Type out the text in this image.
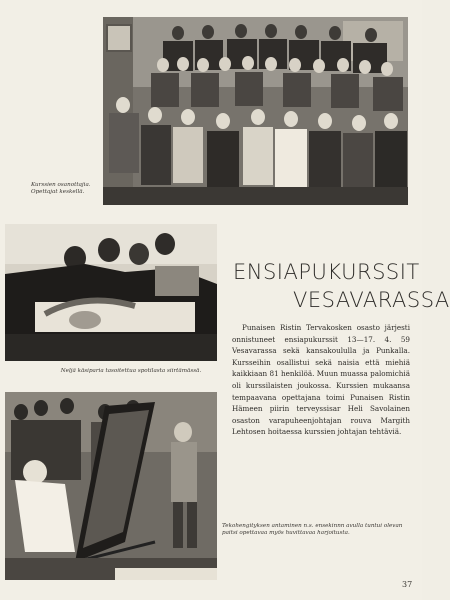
Kurssien osanottajia. Opettajat keskellä.
Neljä käsiparia tasoitettua spotilasta siirtämässä.
Tekohengityksen antaminen n.s. ensekinnn avulla tuntui olevan paitsi opettavaa myös huvittavaa harjoitusta.
ENSIAPUKURSSIT
VESAVARASSA
Punaisen Ristin Tervakosken osasto järjesti onnistuneet ensiapukurssit 13—17. 4. 59 Vesavarassa sekä kansakoululla ja Punkalla. Kursseihin osallistui sekä naisia että miehiä kaikkiaan 81 henkilöä. Muun muassa palomichiä oli kurssilaisten joukossa. Kurssien mukaansa tempaavana opettajana toimi Punaisen Ristin Hämeen piirin terveyssisar Heli Savolainen osaston varapuheenjohtajan rouva Margith Lehtosen hoitaessa kurssien johtajan tehtäviä.
37
